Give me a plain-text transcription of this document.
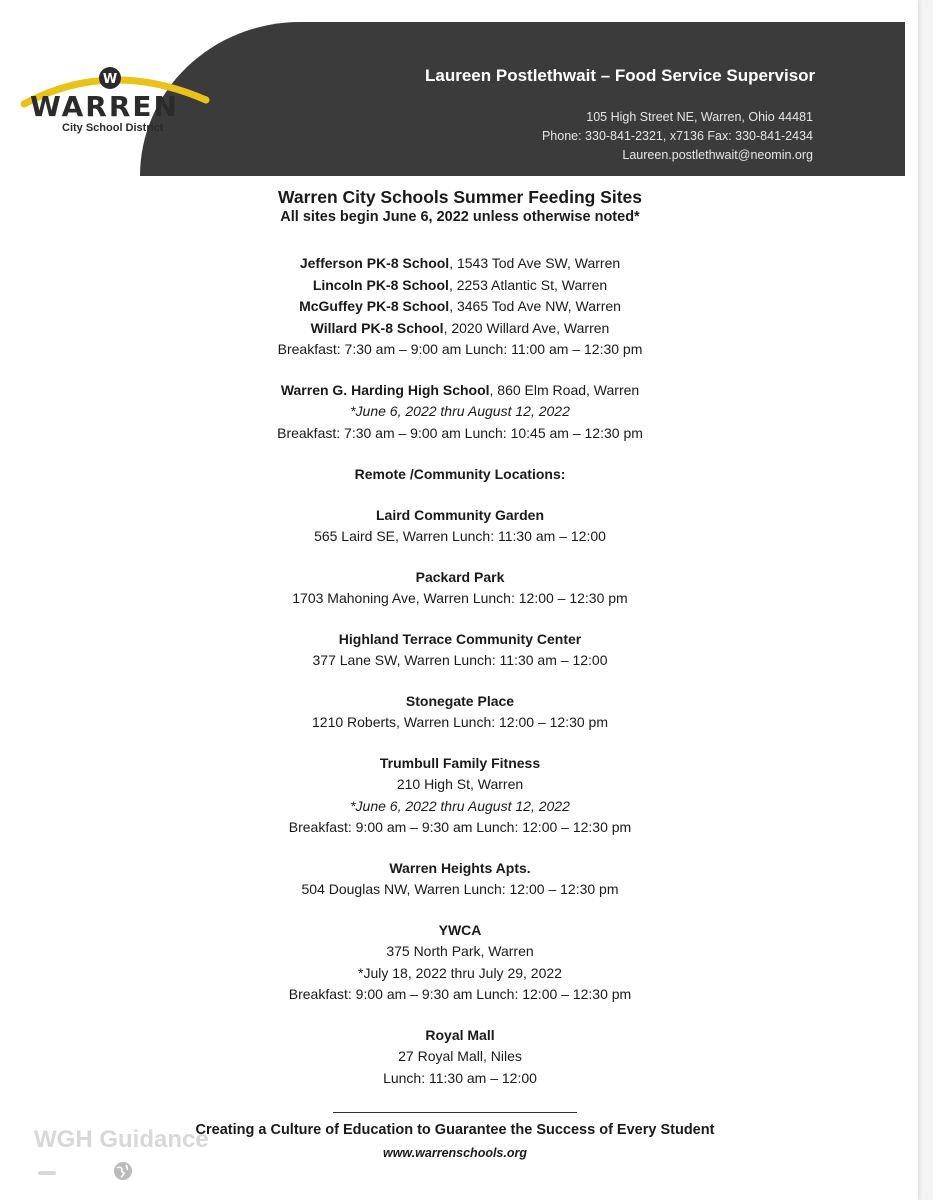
W
WARREN
City School District
Laureen Postlethwait – Food Service Supervisor
105 High Street NE, Warren, Ohio 44481
Phone: 330-841-2321, x7136 Fax: 330-841-2434
Laureen.postlethwait@neomin.org
Warren City Schools Summer Feeding Sites
All sites begin June 6, 2022 unless otherwise noted*
Jefferson PK-8 School, 1543 Tod Ave SW, Warren
Lincoln PK-8 School, 2253 Atlantic St, Warren
McGuffey PK-8 School, 3465 Tod Ave NW, Warren
Willard PK-8 School, 2020 Willard Ave, Warren
Breakfast: 7:30 am – 9:00 am Lunch: 11:00 am – 12:30 pm
Warren G. Harding High School, 860 Elm Road, Warren
*June 6, 2022 thru August 12, 2022
Breakfast: 7:30 am – 9:00 am Lunch: 10:45 am – 12:30 pm
Remote /Community Locations:
Laird Community Garden
565 Laird SE, Warren Lunch: 11:30 am – 12:00
Packard Park
1703 Mahoning Ave, Warren Lunch: 12:00 – 12:30 pm
Highland Terrace Community Center
377 Lane SW, Warren Lunch: 11:30 am – 12:00
Stonegate Place
1210 Roberts, Warren Lunch: 12:00 – 12:30 pm
Trumbull Family Fitness
210 High St, Warren
*June 6, 2022 thru August 12, 2022
Breakfast: 9:00 am – 9:30 am Lunch: 12:00 – 12:30 pm
Warren Heights Apts.
504 Douglas NW, Warren Lunch: 12:00 – 12:30 pm
YWCA
375 North Park, Warren
*July 18, 2022 thru July 29, 2022
Breakfast: 9:00 am – 9:30 am Lunch: 12:00 – 12:30 pm
Royal Mall
27 Royal Mall, Niles
Lunch: 11:30 am – 12:00
Creating a Culture of Education to Guarantee the Success of Every Student
www.warrenschools.org
WGH Guidance
